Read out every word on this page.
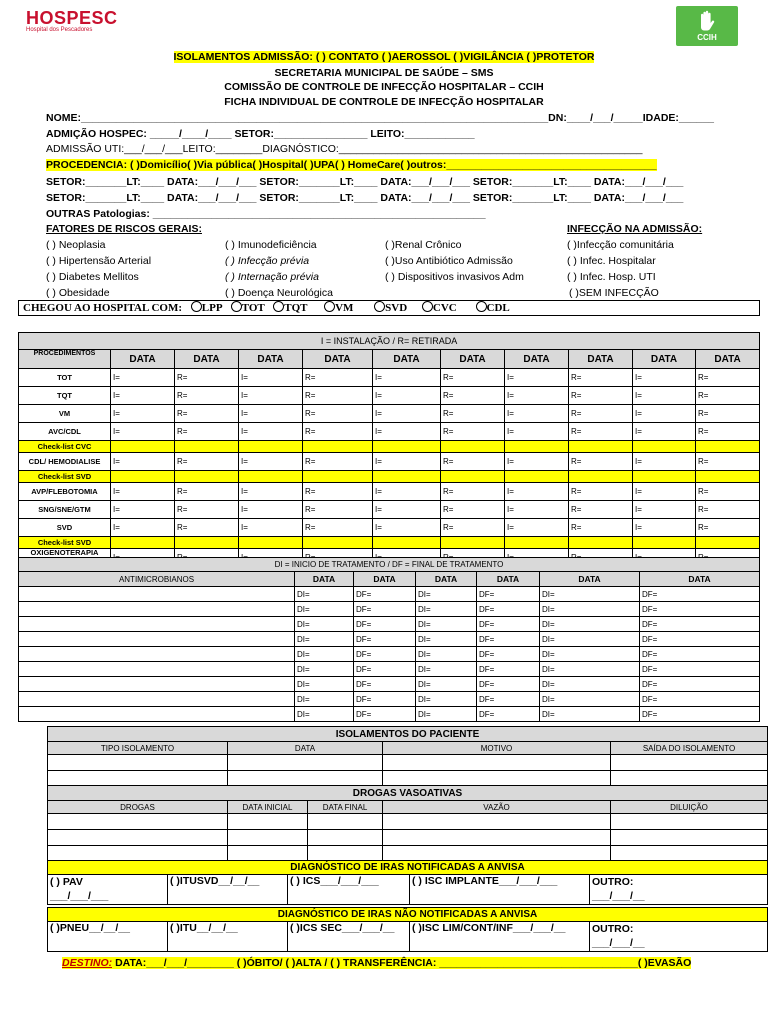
HOSPESC
Hospital dos Pescadores
CCIH
ISOLAMENTOS ADMISSÃO: ( ) CONTATO ( )AEROSSOL ( )VIGILÂNCIA ( )PROTETOR
SECRETARIA MUNICIPAL DE SAÚDE – SMS
COMISSÃO DE CONTROLE DE INFECÇÃO HOSPITALAR – CCIH
FICHA INDIVIDUAL DE CONTROLE DE INFECÇÃO HOSPITALAR
NOME:________________________________________________________________________________DN:____/___/_____IDADE:______
ADMIÇÃO HOSPEC: _____/____/____ SETOR:________________ LEITO:____________
ADMISSÃO UTI:___/___/___LEITO:________DIAGNÓSTICO:____________________________________________________
PROCEDENCIA: ( )Domicílio( )Via pública( )Hospital( )UPA( ) HomeCare( )outros:____________________________________
SETOR:_______LT:____ DATA:___/___/___ SETOR:_______LT:____ DATA:___/___/___ SETOR:_______LT:____ DATA:___/___/___
SETOR:_______LT:____ DATA:___/___/___ SETOR:_______LT:____ DATA:___/___/___ SETOR:_______LT:____ DATA:___/___/___
OUTRAS Patologias: _________________________________________________________
FATORES DE RISCOS GERAIS:	INFECÇÃO NA ADMISSÃO:
( ) Neoplasia
( ) Hipertensão Arterial
( ) Diabetes Mellitos
( ) Obesidade
( ) Imunodeficiência
( ) Infecção prévia
( ) Internação prévia
( ) Doença Neurológica
( )Renal Crônico
( )Uso Antibiótico Admissão
( ) Dispositivos invasivos Adm
( )Infecção comunitária
( ) Infec. Hospitalar
( ) Infec. Hosp. UTI
( )SEM INFECÇÃO
CHEGOU AO HOSPITAL COM: LPP TOT TQT	VM	SVD CVC	CDL
I = INSTALAÇÃO / R= RETIRADA										
PROCEDIMENTOS	DATA	DATA	DATA	DATA	DATA	DATA	DATA	DATA	DATA	DATA
TOT	I=	R=	I=	R=	I=	R=	I=	R=	I=	R=
TQT	I=	R=	I=	R=	I=	R=	I=	R=	I=	R=
VM	I=	R=	I=	R=	I=	R=	I=	R=	I=	R=
AVC/CDL	I=	R=	I=	R=	I=	R=	I=	R=	I=	R=
Check-list CVC										
CDL/ HEMODIALISE	I=	R=	I=	R=	I=	R=	I=	R=	I=	R=
Check-list SVD										
AVP/FLEBOTOMIA	I=	R=	I=	R=	I=	R=	I=	R=	I=	R=
SNG/SNE/GTM	I=	R=	I=	R=	I=	R=	I=	R=	I=	R=
SVD	I=	R=	I=	R=	I=	R=	I=	R=	I=	R=
Check-list SVD										
OXIGENOTERAPIA
(CN,MV,MH,BIPAP,CEPAP)	I=	R=	I=	R=	I=	R=	I=	R=	I=	R=
DI = INICIO DE TRATAMENTO / DF = FINAL DE TRATAMENTO						
ANTIMICROBIANOS	DATA	DATA	DATA	DATA	DATA	DATA
	DI=	DF=	DI=	DF=	DI=	DF=
	DI=	DF=	DI=	DF=	DI=	DF=
	DI=	DF=	DI=	DF=	DI=	DF=
	DI=	DF=	DI=	DF=	DI=	DF=
	DI=	DF=	DI=	DF=	DI=	DF=
	DI=	DF=	DI=	DF=	DI=	DF=
	DI=	DF=	DI=	DF=	DI=	DF=
	DI=	DF=	DI=	DF=	DI=	DF=
	DI=	DF=	DI=	DF=	DI=	DF=
ISOLAMENTOS DO PACIENTE			
TIPO ISOLAMENTO	DATA	MOTIVO	SAÍDA DO ISOLAMENTO

DROGAS VASOATIVAS				
DROGAS	DATA INICIAL	DATA FINAL	VAZÃO	DILUIÇÃO

DIAGNÓSTICO DE IRAS NOTIFICADAS A ANVISA
( ) PAV
___/___/___	( )ITUSVD__/__/__	( ) ICS___/___/___	( ) ISC IMPLANTE___/___/___	OUTRO:
___/___/__
DIAGNÓSTICO DE IRAS NÃO NOTIFICADAS A ANVISA
( )PNEU__/__/__	( )ITU__/__/__	( )ICS SEC___/___/__	( )ISC LIM/CONT/INF___/___/__	OUTRO:
___/___/__
DESTINO: DATA:___/___/________ ( )ÓBITO/ ( )ALTA / ( ) TRANSFERÊNCIA: __________________________________( )EVASÃO
